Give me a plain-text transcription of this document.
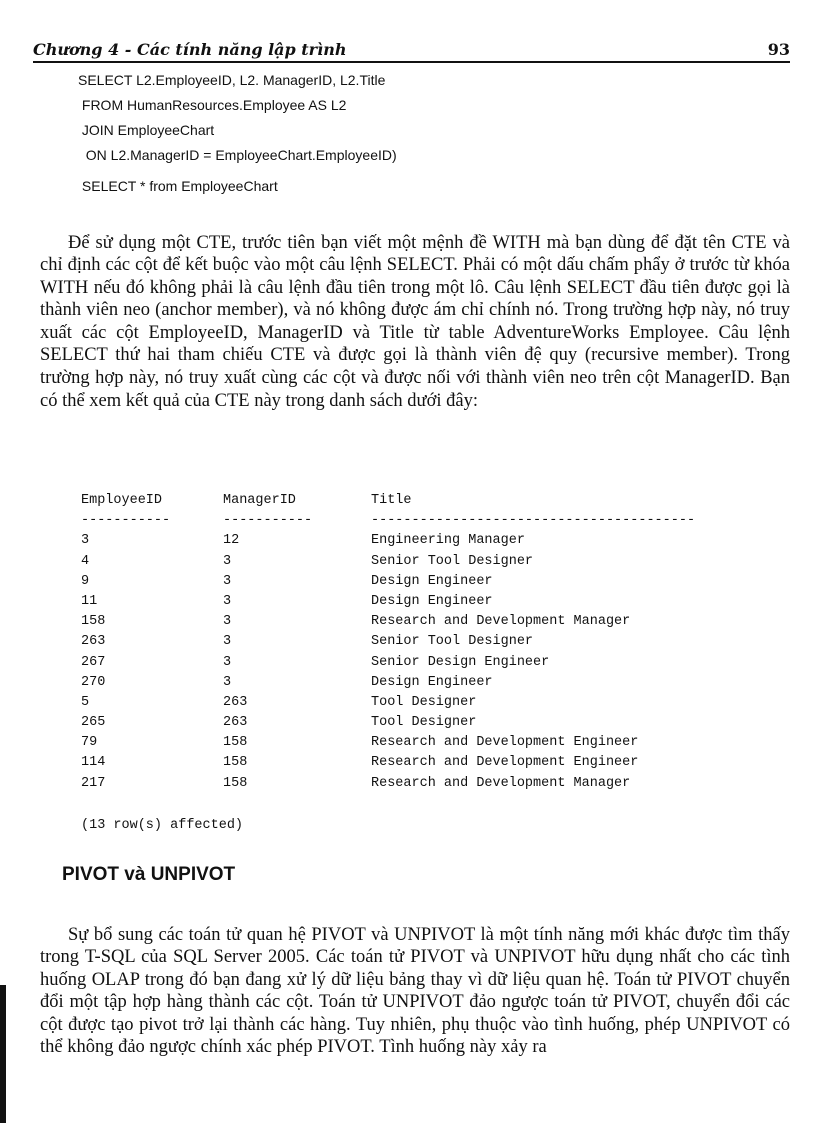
Chương 4 - Các tính năng lập trình	93
SELECT L2.EmployeeID, L2. ManagerID, L2.Title
FROM HumanResources.Employee AS L2
JOIN EmployeeChart
ON L2.ManagerID = EmployeeChart.EmployeeID)
SELECT * from EmployeeChart

Để sử dụng một CTE, trước tiên bạn viết một mệnh đề WITH mà bạn dùng để đặt tên CTE và chỉ định các cột để kết buộc vào một câu lệnh SELECT. Phải có một dấu chấm phẩy ở trước từ khóa WITH nếu đó không phải là câu lệnh đầu tiên trong một lô. Câu lệnh SELECT đầu tiên được gọi là thành viên neo (anchor member), và nó không được ám chỉ chính nó. Trong trường hợp này, nó truy xuất các cột EmployeeID, ManagerID và Title từ table AdventureWorks Employee. Câu lệnh SELECT thứ hai tham chiếu CTE và được gọi là thành viên đệ quy (recursive member). Trong trường hợp này, nó truy xuất cùng các cột và được nối với thành viên neo trên cột ManagerID. Bạn có thể xem kết quả của CTE này trong danh sách dưới đây:

EmployeeID	ManagerID	Title
-----------	-----------	----------------------------------------
3	12	Engineering Manager
4	3	Senior Tool Designer
9	3	Design Engineer
11	3	Design Engineer
158	3	Research and Development Manager
263	3	Senior Tool Designer
267	3	Senior Design Engineer
270	3	Design Engineer
5	263	Tool Designer
265	263	Tool Designer
79	158	Research and Development Engineer
114	158	Research and Development Engineer
217	158	Research and Development Manager
(13 row(s) affected)
PIVOT và UNPIVOT

Sự bổ sung các toán tử quan hệ PIVOT và UNPIVOT là một tính năng mới khác được tìm thấy trong T-SQL của SQL Server 2005. Các toán tử PIVOT và UNPIVOT hữu dụng nhất cho các tình huống OLAP trong đó bạn đang xử lý dữ liệu bảng thay vì dữ liệu quan hệ. Toán tử PIVOT chuyển đổi một tập hợp hàng thành các cột. Toán tử UNPIVOT đảo ngược toán tử PIVOT, chuyển đổi các cột được tạo pivot trở lại thành các hàng. Tuy nhiên, phụ thuộc vào tình huống, phép UNPIVOT có thể không đảo ngược chính xác phép PIVOT. Tình huống này xảy ra
